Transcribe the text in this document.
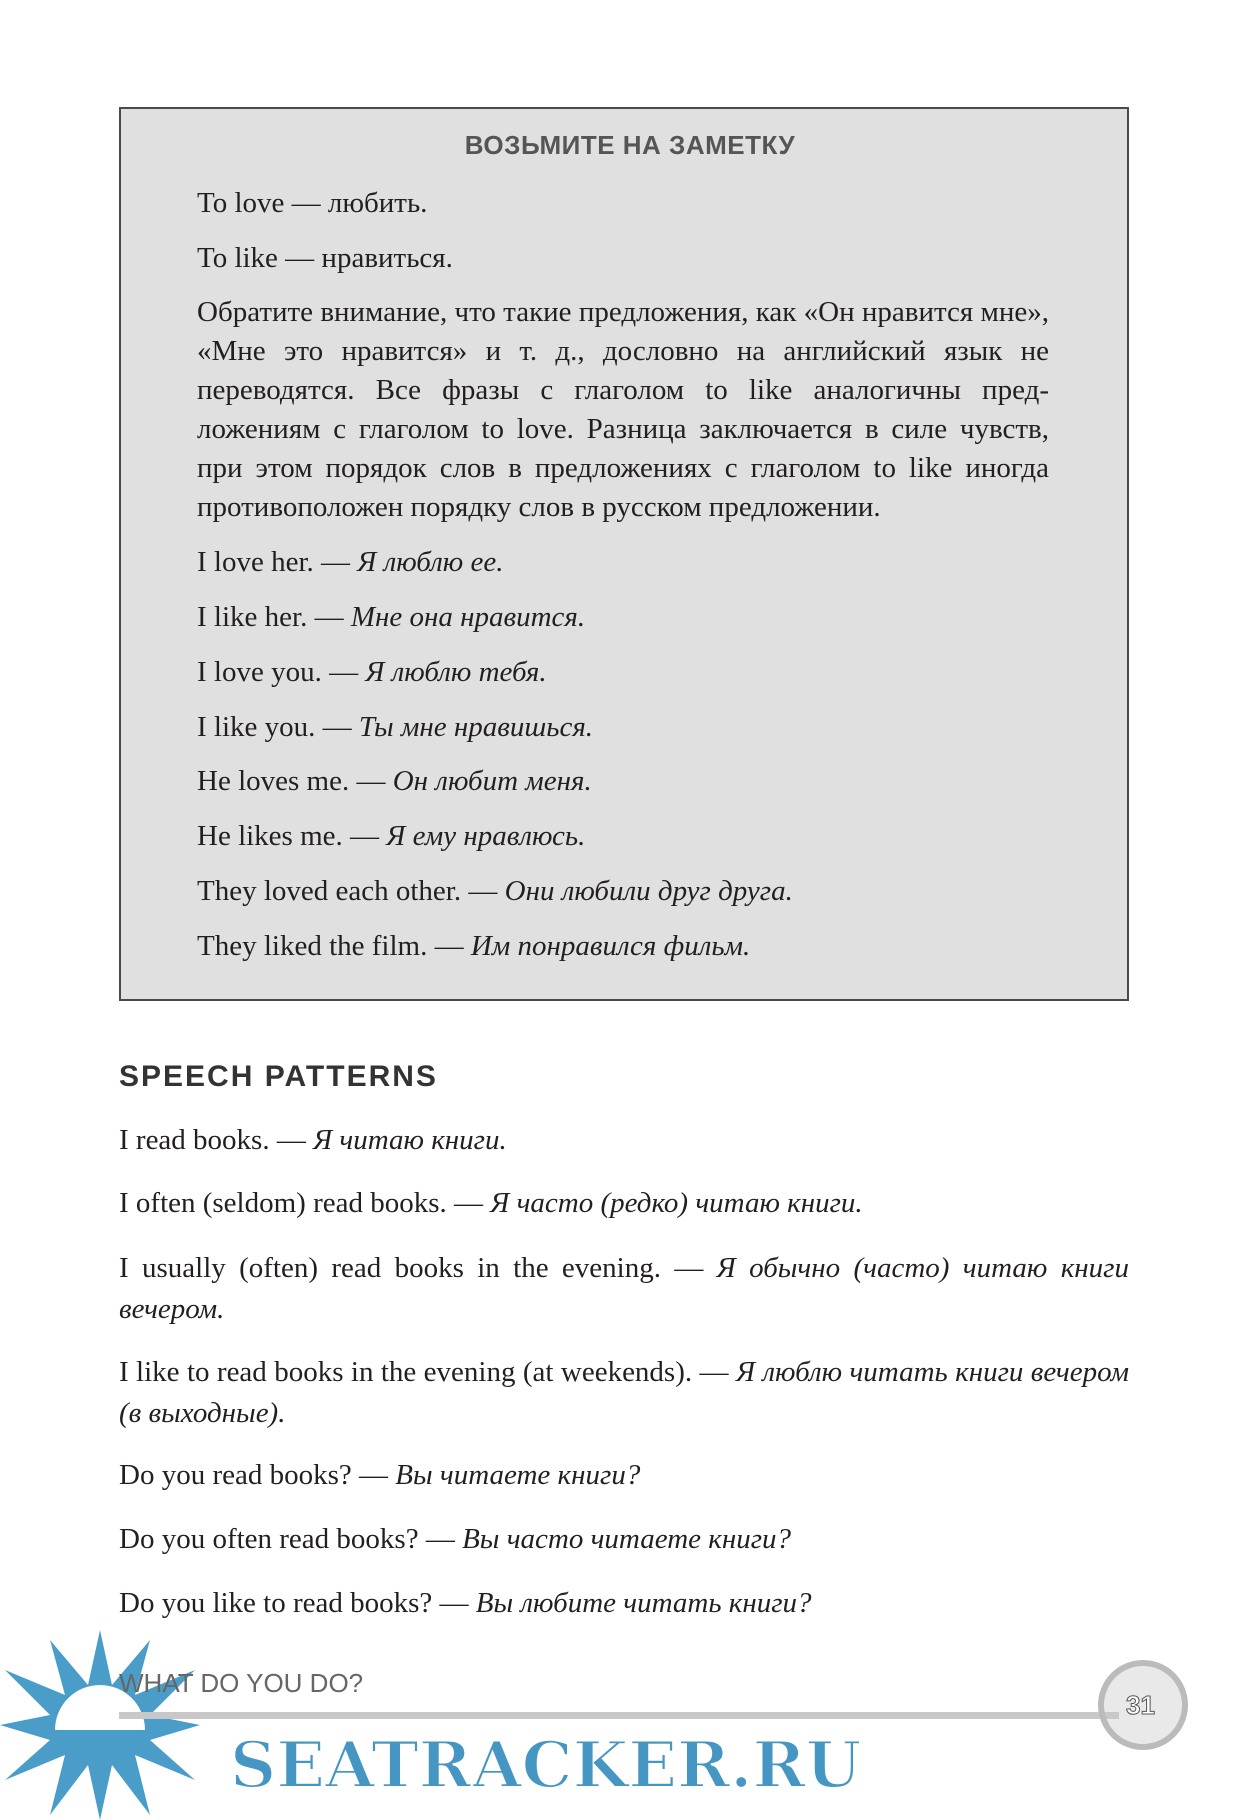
ВОЗЬМИТЕ НА ЗАМЕТКУ
To love — любить.
To like — нравиться.
Обратите внимание, что такие предложения, как «Он нравится мне», «Мне это нравится» и т. д., дословно на английский язык не переводятся. Все фразы с глаголом to like аналогичны предложениям с глаголом to love. Разница заключается в силе чувств, при этом порядок слов в предложениях с глаголом to like иногда противоположен порядку слов в русском предложении.
I love her. — Я люблю ее.
I like her. — Мне она нравится.
I love you. — Я люблю тебя.
I like you. — Ты мне нравишься.
He loves me. — Он любит меня.
He likes me. — Я ему нравлюсь.
They loved each other. — Они любили друг друга.
They liked the film. — Им понравился фильм.
SPEECH PATTERNS
I read books. — Я читаю книги.
I often (seldom) read books. — Я часто (редко) читаю книги.
I usually (often) read books in the evening. — Я обычно (часто) читаю книги вечером.
I like to read books in the evening (at weekends). — Я люблю читать книги вечером (в выходные).
Do you read books? — Вы читаете книги?
Do you often read books? — Вы часто читаете книги?
Do you like to read books? — Вы любите читать книги?
WHAT DO YOU DO?
31
SEATRACKER.RU
